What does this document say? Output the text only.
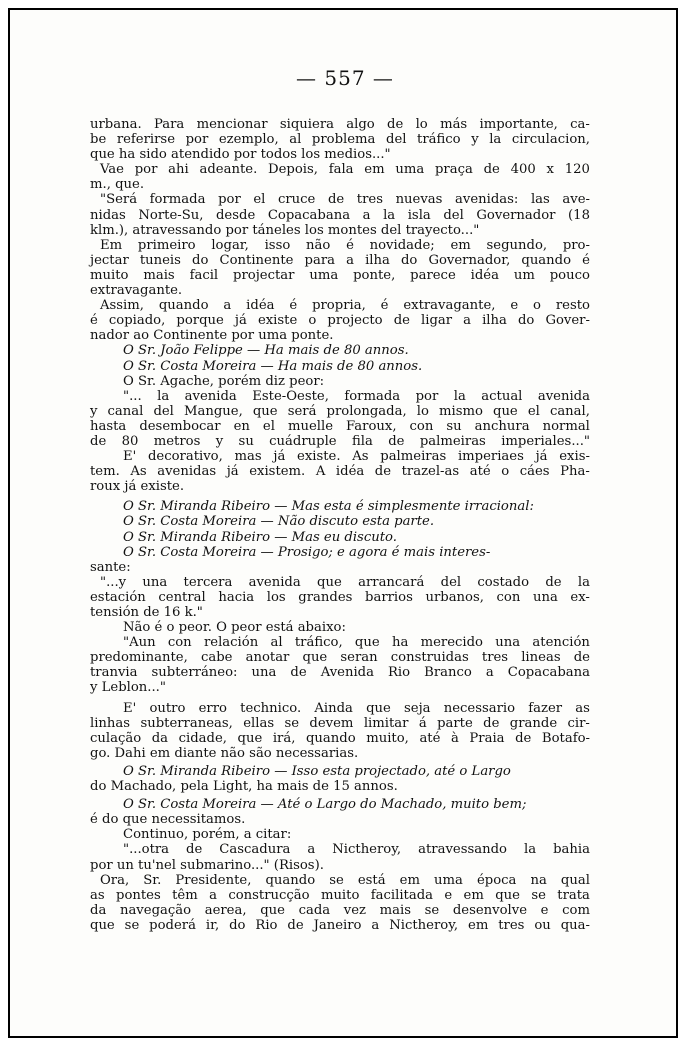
— 557 —
urbana. Para mencionar siquiera algo de lo más importante, ca-
be referirse por ezemplo, al problema del tráfico y la circulacion,
que ha sido atendido por todos los medios..."
Vae por ahi adeante. Depois, fala em uma praça de 400 x 120
m., que.
"Será formada por el cruce de tres nuevas avenidas: las ave-
nidas Norte-Su, desde Copacabana a la isla del Governador (18
klm.), atravessando por táneles los montes del trayecto..."
Em primeiro logar, isso não é novidade; em segundo, pro-
jectar tuneis do Continente para a ilha do Governador, quando é
muito mais facil projectar uma ponte, parece idéa um pouco
extravagante.
Assim, quando a idéa é propria, é extravagante, e o resto
é copiado, porque já existe o projecto de ligar a ilha do Gover-
nador ao Continente por uma ponte.
O Sr. João Felippe — Ha mais de 80 annos.
O Sr. Costa Moreira — Ha mais de 80 annos.
O Sr. Agache, porém diz peor:
"... la avenida Este-Oeste, formada por la actual avenida
y canal del Mangue, que será prolongada, lo mismo que el canal,
hasta desembocar en el muelle Faroux, con su anchura normal
de 80 metros y su cuádruple fila de palmeiras imperiales..."
E' decorativo, mas já existe. As palmeiras imperiaes já exis-
tem. As avenidas já existem. A idéa de trazel-as até o cáes Pha-
roux já existe.
O Sr. Miranda Ribeiro — Mas esta é simplesmente irracional:
O Sr. Costa Moreira — Não discuto esta parte.
O Sr. Miranda Ribeiro — Mas eu discuto.
O Sr. Costa Moreira — Prosigo; e agora é mais interes-
sante:
"...y una tercera avenida que arrancará del costado de la
estación central hacia los grandes barrios urbanos, con una ex-
tensión de 16 k."
Não é o peor. O peor está abaixo:
"Aun con relación al tráfico, que ha merecido una atención
predominante, cabe anotar que seran construidas tres lineas de
tranvia subterráneo: una de Avenida Rio Branco a Copacabana
y Leblon..."
E' outro erro technico. Ainda que seja necessario fazer as
linhas subterraneas, ellas se devem limitar á parte de grande cir-
culação da cidade, que irá, quando muito, até à Praia de Botafo-
go. Dahi em diante não são necessarias.
O Sr. Miranda Ribeiro — Isso esta projectado, até o Largo
do Machado, pela Light, ha mais de 15 annos.
O Sr. Costa Moreira — Até o Largo do Machado, muito bem;
é do que necessitamos.
Continuo, porém, a citar:
"...otra de Cascadura a Nictheroy, atravessando la bahia
por un tu'nel submarino..." (Risos).
Ora, Sr. Presidente, quando se está em uma época na qual
as pontes têm a construcção muito facilitada e em que se trata
da navegação aerea, que cada vez mais se desenvolve e com
que se poderá ir, do Rio de Janeiro a Nictheroy, em tres ou qua-
